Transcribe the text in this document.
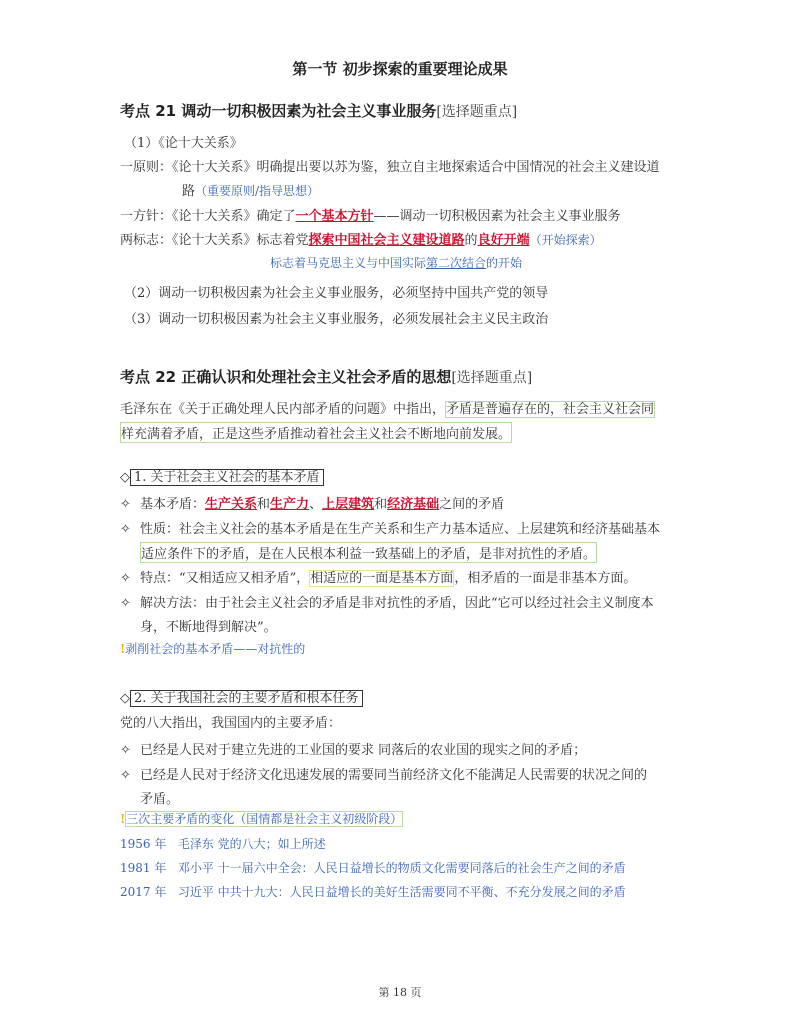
第一节 初步探索的重要理论成果
考点 21 调动一切积极因素为社会主义事业服务[选择题重点]
（1）《论十大关系》
一原则：《论十大关系》明确提出要以苏为鉴，独立自主地探索适合中国情况的社会主义建设道
路（重要原则/指导思想）
一方针：《论十大关系》确定了一个基本方针——调动一切积极因素为社会主义事业服务
两标志：《论十大关系》标志着党探索中国社会主义建设道路的良好开端（开始探索）
标志着马克思主义与中国实际第二次结合的开始
（2）调动一切积极因素为社会主义事业服务，必须坚持中国共产党的领导
（3）调动一切积极因素为社会主义事业服务，必须发展社会主义民主政治
考点 22 正确认识和处理社会主义社会矛盾的思想[选择题重点]
毛泽东在《关于正确处理人民内部矛盾的问题》中指出，矛盾是普遍存在的，社会主义社会同
样充满着矛盾，正是这些矛盾推动着社会主义社会不断地向前发展。
◇ 1. 关于社会主义社会的基本矛盾
✧ 基本矛盾：生产关系和生产力、上层建筑和经济基础之间的矛盾
✧ 性质：社会主义社会的基本矛盾是在生产关系和生产力基本适应、上层建筑和经济基础基本
适应条件下的矛盾，是在人民根本利益一致基础上的矛盾，是非对抗性的矛盾。
✧ 特点：“又相适应又相矛盾”，相适应的一面是基本方面，相矛盾的一面是非基本方面。
✧ 解决方法：由于社会主义社会的矛盾是非对抗性的矛盾，因此“它可以经过社会主义制度本
身，不断地得到解决”。
!剥削社会的基本矛盾——对抗性的
◇ 2. 关于我国社会的主要矛盾和根本任务
党的八大指出，我国国内的主要矛盾：
✧ 已经是人民对于建立先进的工业国的要求 同落后的农业国的现实之间的矛盾；
✧ 已经是人民对于经济文化迅速发展的需要同当前经济文化不能满足人民需要的状况之间的
矛盾。
!三次主要矛盾的变化（国情都是社会主义初级阶段）
1956 年 毛泽东 党的八大；如上所述
1981 年 邓小平 十一届六中全会：人民日益增长的物质文化需要同落后的社会生产之间的矛盾
2017 年 习近平 中共十九大：人民日益增长的美好生活需要同不平衡、不充分发展之间的矛盾
第 18 页
